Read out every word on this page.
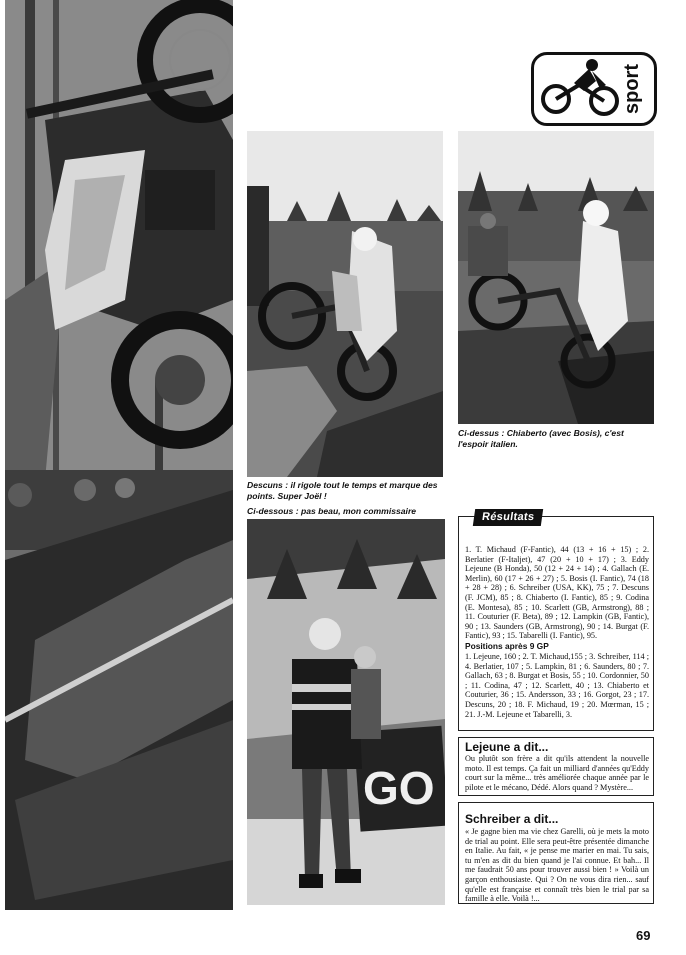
sport
Descuns : il rigole tout le temps et marque des points. Super Joël !
Ci-dessous : pas beau, mon commissaire
Ci-dessus : Chiaberto (avec Bosis), c'est l'espoir italien.
GO
Résultats
1. T. Michaud (F-Fantic), 44 (13 + 16 + 15) ; 2. Berlatier (F-Italjet), 47 (20 + 10 + 17) ; 3. Eddy Lejeune (B Honda), 50 (12 + 24 + 14) ; 4. Gallach (E. Merlin), 60 (17 + 26 + 27) ; 5. Bosis (I. Fantic), 74 (18 + 28 + 28) ; 6. Schreiber (USA, KK), 75 ; 7. Descuns (F. JCM), 85 ; 8. Chiaberto (I. Fantic), 85 ; 9. Codina (E. Montesa), 85 ; 10. Scarlett (GB, Armstrong), 88 ; 11. Couturier (F. Beta), 89 ; 12. Lampkin (GB, Fantic), 90 ; 13. Saunders (GB, Armstrong), 90 ; 14. Burgat (F. Fantic), 93 ; 15. Tabarelli (I. Fantic), 95.
Positions après 9 GP
1. Lejeune, 160 ; 2. T. Michaud,155 ; 3. Schreiber, 114 ; 4. Berlatier, 107 ; 5. Lampkin, 81 ; 6. Saunders, 80 ; 7. Gallach, 63 ; 8. Burgat et Bosis, 55 ; 10. Cordonnier, 50 ; 11. Codina, 47 ; 12. Scarlett, 40 ; 13. Chiaberto et Couturier, 36 ; 15. Andersson, 33 ; 16. Gorgot, 23 ; 17. Descuns, 20 ; 18. F. Michaud, 19 ; 20. Mœrman, 15 ; 21. J.-M. Lejeune et Tabarelli, 3.
Lejeune a dit...
Ou plutôt son frère a dit qu'ils attendent la nouvelle moto. Il est temps. Ça fait un milliard d'années qu'Eddy court sur la même... très améliorée chaque année par le pilote et le mécano, Dédé. Alors quand ? Mystère...
Schreiber a dit...
« Je gagne bien ma vie chez Garelli, où je mets la moto de trial au point. Elle sera peut-être présentée dimanche en Italie. Au fait, « je pense me marier en mai. Tu sais, tu m'en as dit du bien quand je l'ai connue. Et bah... Il me faudrait 50 ans pour trouver aussi bien ! » Voilà un garçon enthousiaste. Qui ? On ne vous dira rien... sauf qu'elle est française et connaît très bien le trial par sa famille à elle. Voilà !...
69
